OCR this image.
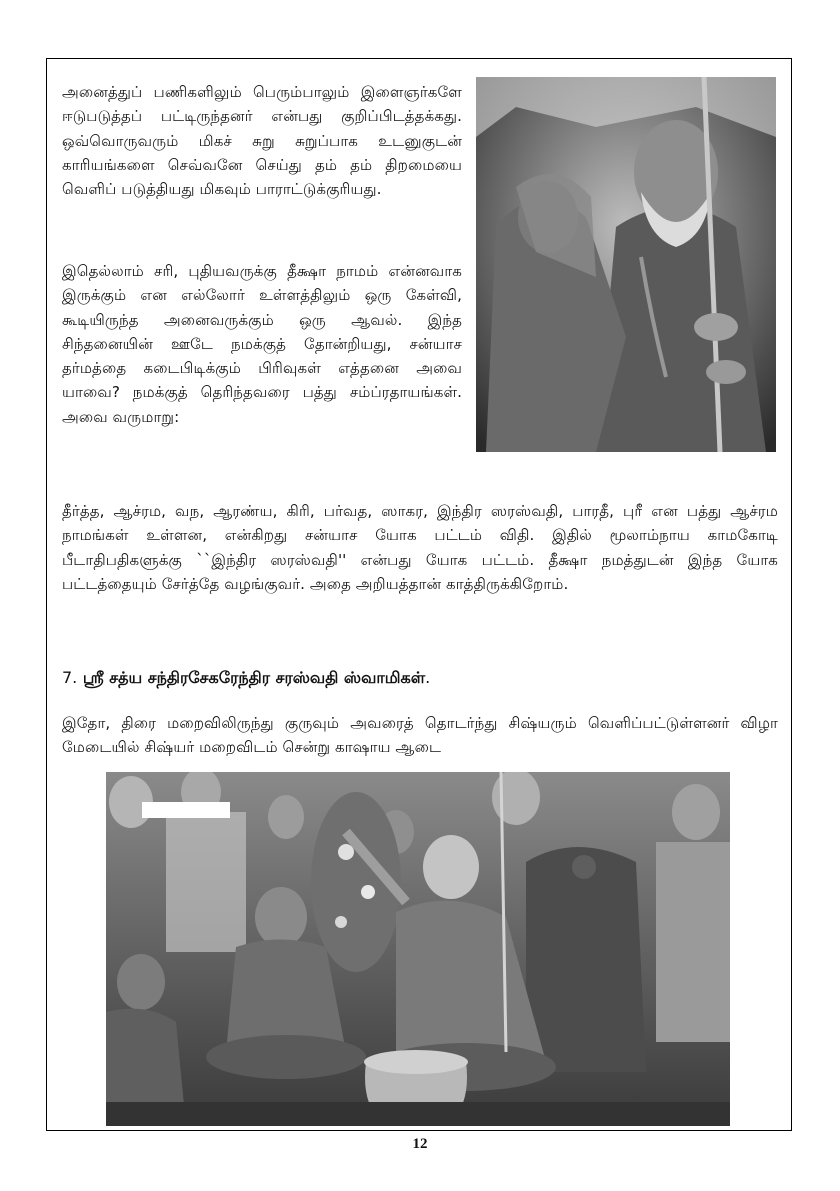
அனைத்துப் பணிகளிலும் பெரும்பாலும் இளைஞர்களே ஈடுபடுத்தப் பட்டிருந்தனர் என்பது குறிப்பிடத்தக்கது. ஒவ்வொருவரும் மிகச் சுறு சுறுப்பாக உடனுகுடன் காரியங்களை செவ்வனே செய்து தம் தம் திறமையை வெளிப் படுத்தியது மிகவும் பாராட்டுக்குரியது.

இதெல்லாம் சரி, புதியவருக்கு தீக்ஷா நாமம் என்னவாக இருக்கும் என எல்லோர் உள்ளத்திலும் ஒரு கேள்வி, கூடியிருந்த அனைவருக்கும் ஒரு ஆவல். இந்த சிந்தனையின் ஊடே நமக்குத் தோன்றியது, சன்யாச தர்மத்தை கடைபிடிக்கும் பிரிவுகள் எத்தனை அவை யாவை? நமக்குத் தெரிந்தவரை பத்து சம்ப்ரதாயங்கள். அவை வருமாறு:

தீர்த்த, ஆச்ரம, வந, ஆரண்ய, கிரி, பர்வத, ஸாகர, இந்திர ஸரஸ்வதி, பாரதீ, புரீ என பத்து ஆச்ரம நாமங்கள் உள்ளன, என்கிறது சன்யாச யோக பட்டம் விதி. இதில் மூலாம்நாய காமகோடி பீடாதிபதிகளுக்கு ``இந்திர ஸரஸ்வதி'' என்பது யோக பட்டம். தீக்ஷா நமத்துடன் இந்த யோக பட்டத்தையும் சேர்த்தே வழங்குவர். அதை அறியத்தான் காத்திருக்கிறோம்.

7. ஸ்ரீ சத்ய சந்திரசேகரேந்திர சரஸ்வதி ஸ்வாமிகள்.

இதோ, திரை மறைவிலிருந்து குருவும் அவரைத் தொடர்ந்து சிஷ்யரும் வெளிப்பட்டுள்ளனர் விழா மேடையில் சிஷ்யர் மறைவிடம் சென்று காஷாய ஆடை

12
